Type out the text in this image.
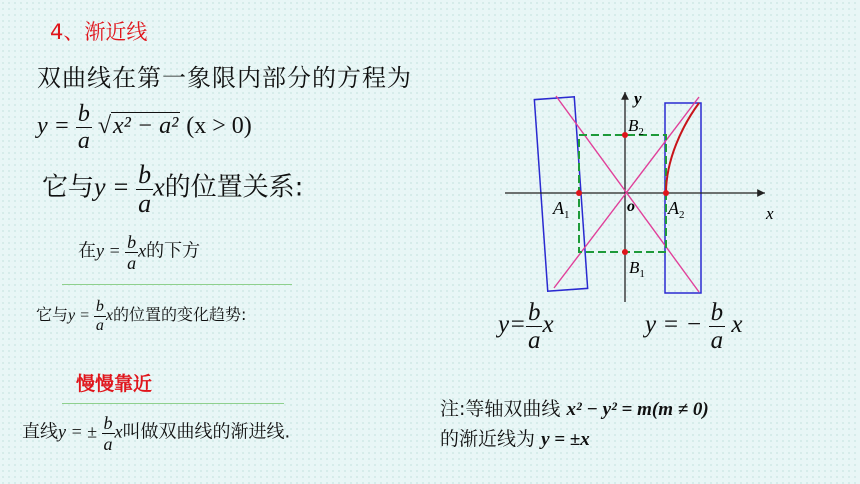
4、渐近线
双曲线在第一象限内部分的方程为
$y = \frac{b}{a} √x^2 - a^2$ (x > 0)
它与$y = \frac{b}{a}$ x的位置关系:
在$y = \frac{b}{a}$ x的下方
它与$y = \frac{b}{a}$ x的位置的变化趋势:
慢慢靠近
直线y = ± $\frac{b}{a}$ x叫做双曲线的渐进线.
注:等轴双曲线 x² − y² = m(m ≠ 0)
的渐近线为 y = ±x
$y= \frac{b}{a}$ x	y = − $\frac{b}{a}$ x
x
y
o
$A_1$	$A_2$
$B_2$
$B_1$
